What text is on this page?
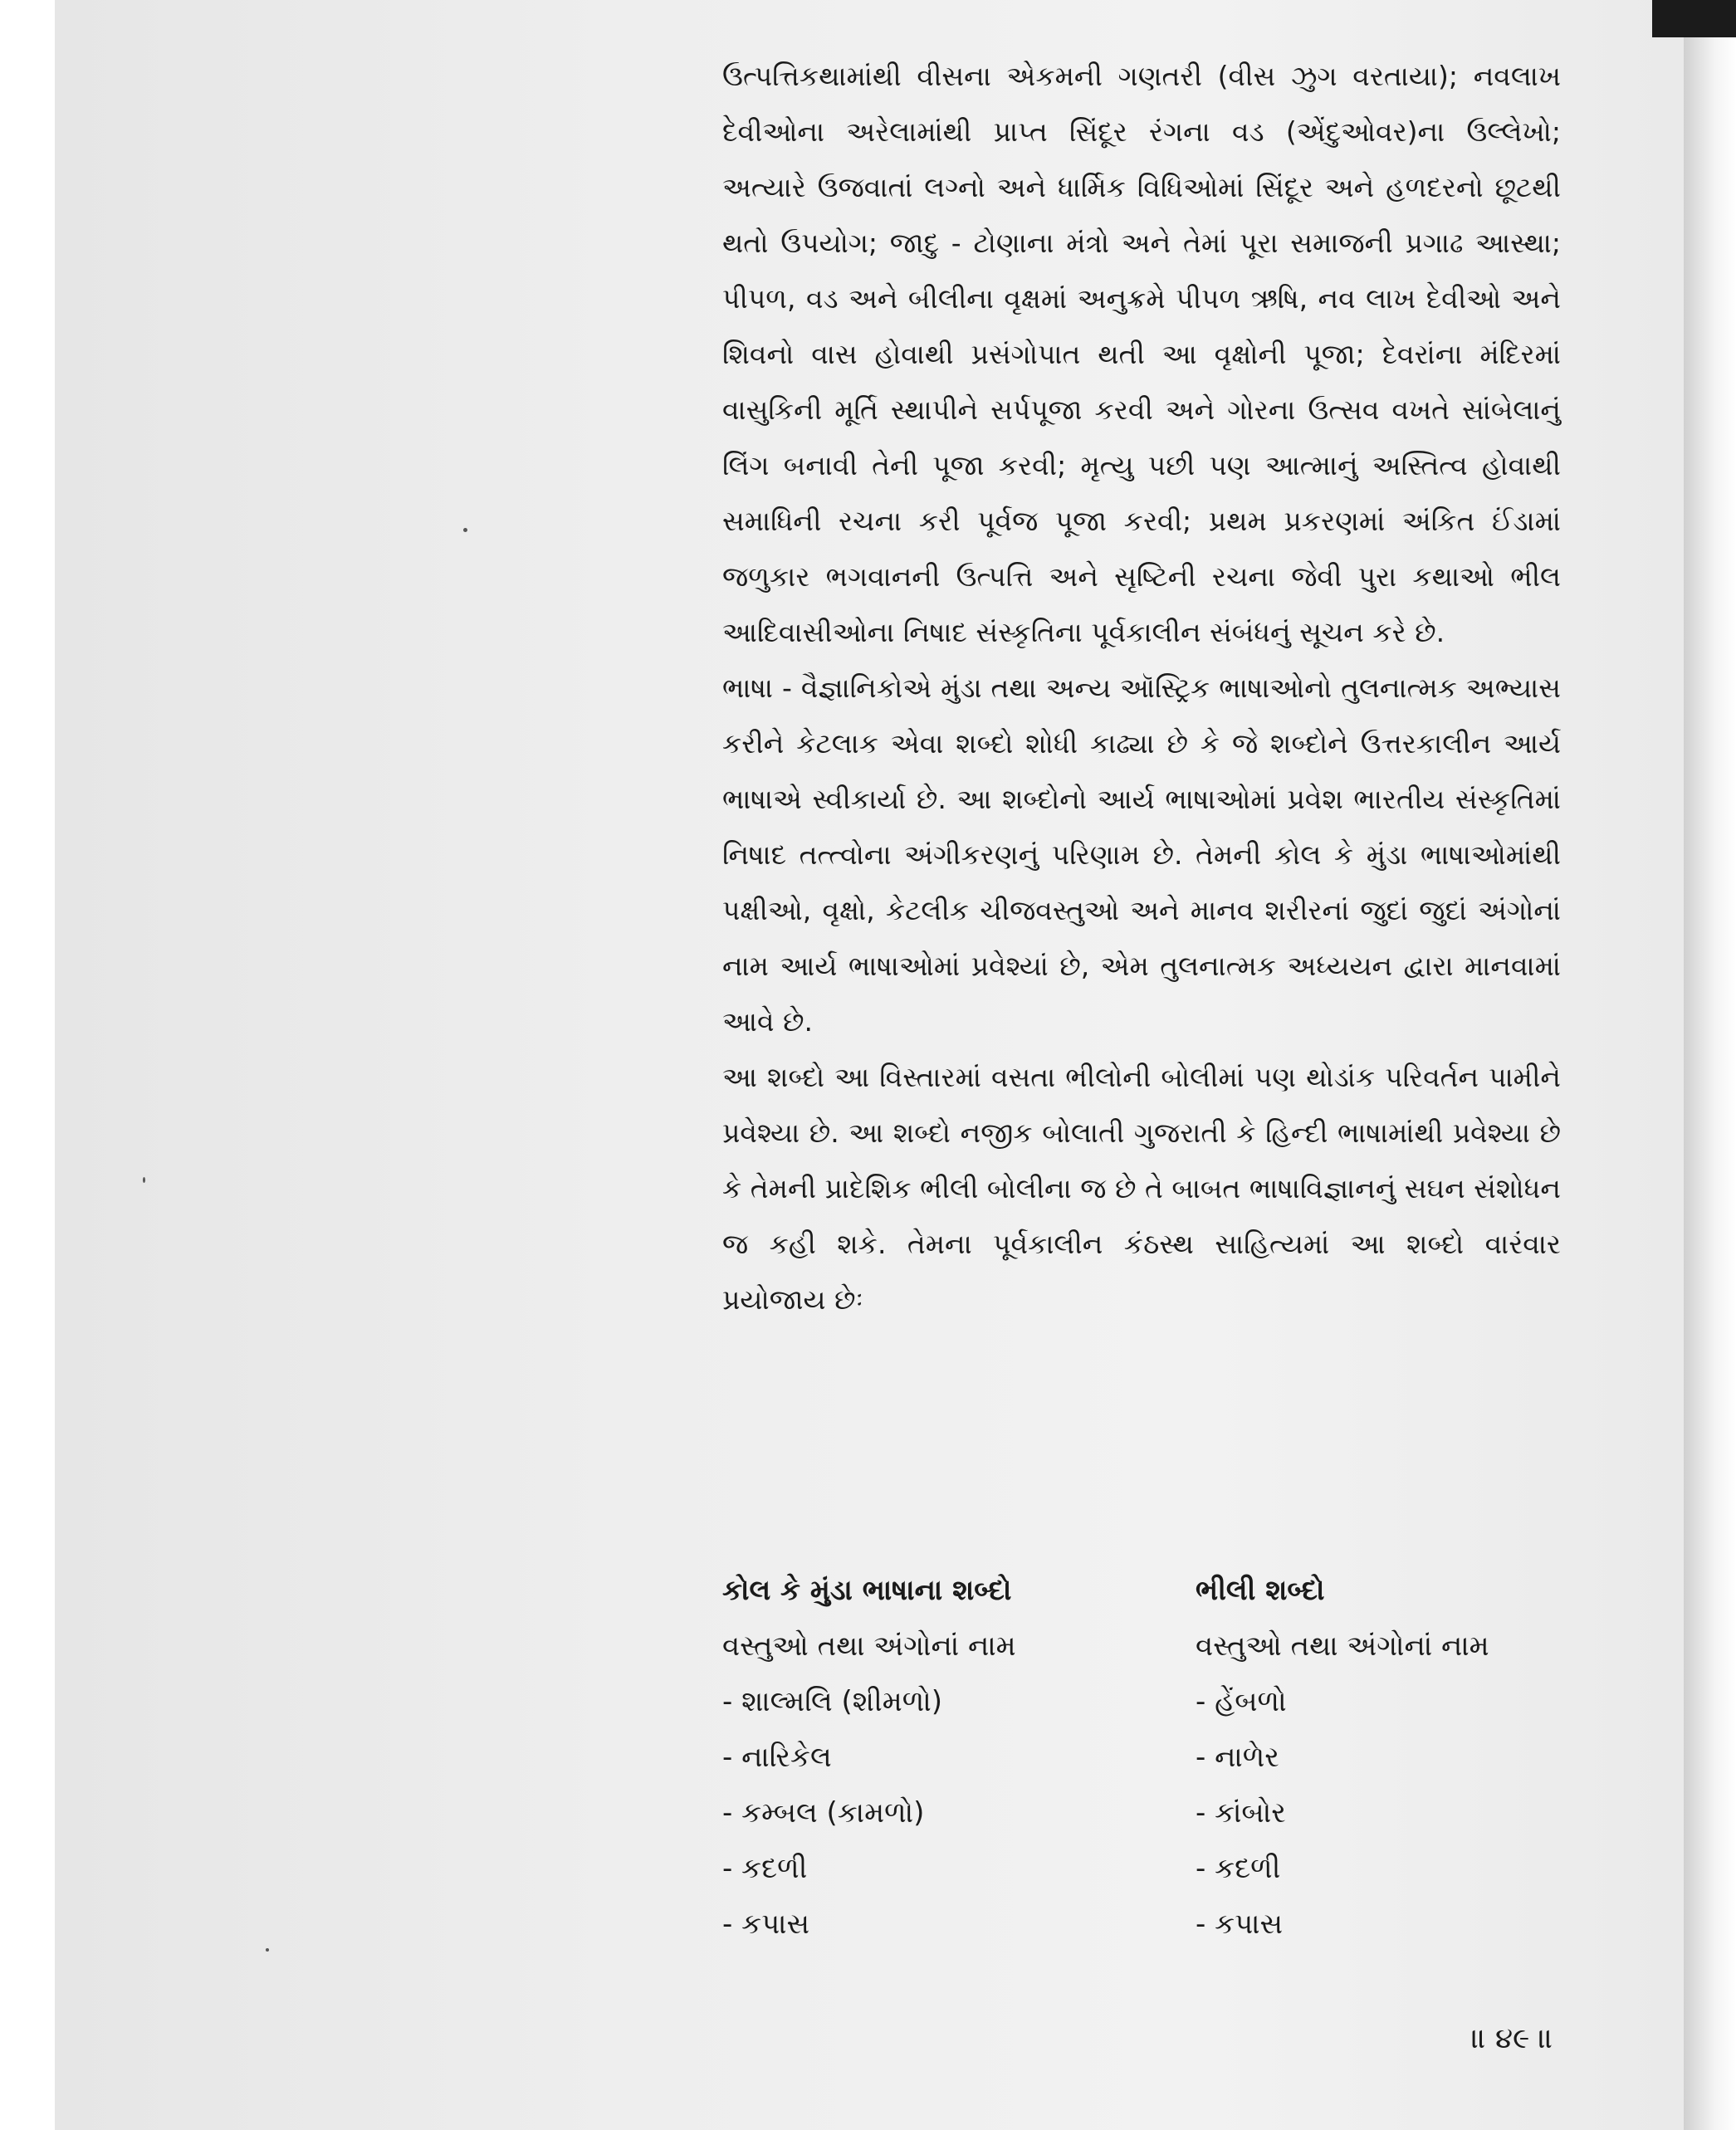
ઉત્પત્તિકથામાંથી વીસના એકમની ગણતરી (વીસ ઝુગ વરતાયા); નવલાખ દેવીઓના અરેલામાંથી પ્રાપ્ત સિંદૂર રંગના વડ (એંદુઓવર)ના ઉલ્લેખો; અત્યારે ઉજવાતાં લગ્નો અને ધાર્મિક વિધિઓમાં સિંદૂર અને હળદરનો છૂટથી થતો ઉપયોગ; જાદુ - ટોણાના મંત્રો અને તેમાં પૂરા સમાજની પ્રગાઢ આસ્થા; પીપળ, વડ અને બીલીના વૃક્ષમાં અનુક્રમે પીપળ ઋષિ, નવ લાખ દેવીઓ અને શિવનો વાસ હોવાથી પ્રસંગોપાત થતી આ વૃક્ષોની પૂજા; દેવરાંના મંદિરમાં વાસુકિની મૂર્તિ સ્થાપીને સર્પપૂજા કરવી અને ગોરના ઉત્સવ વખતે સાંબેલાનું લિંગ બનાવી તેની પૂજા કરવી; મૃત્યુ પછી પણ આત્માનું અસ્તિત્વ હોવાથી સમાધિની રચના કરી પૂર્વજ પૂજા કરવી; પ્રથમ પ્રકરણમાં અંકિત ઈંડામાં જળુકાર ભગવાનની ઉત્પત્તિ અને સૃષ્ટિની રચના જેવી પુરા કથાઓ ભીલ આદિવાસીઓના નિષાદ સંસ્કૃતિના પૂર્વકાલીન સંબંધનું સૂચન કરે છે.

ભાષા - વૈજ્ઞાનિકોએ મુંડા તથા અન્ય ઑસ્ટ્રિક ભાષાઓનો તુલનાત્મક અભ્યાસ કરીને કેટલાક એવા શબ્દો શોધી કાઢ્યા છે કે જે શબ્દોને ઉત્તરકાલીન આર્ય ભાષાએ સ્વીકાર્યા છે. આ શબ્દોનો આર્ય ભાષાઓમાં પ્રવેશ ભારતીય સંસ્કૃતિમાં નિષાદ તત્ત્વોના અંગીકરણનું પરિણામ છે. તેમની કોલ કે મુંડા ભાષાઓમાંથી પક્ષીઓ, વૃક્ષો, કેટલીક ચીજવસ્તુઓ અને માનવ શરીરનાં જુદાં જુદાં અંગોનાં નામ આર્ય ભાષાઓમાં પ્રવેશ્યાં છે, એમ તુલનાત્મક અધ્યયન દ્વારા માનવામાં આવે છે.

આ શબ્દો આ વિસ્તારમાં વસતા ભીલોની બોલીમાં પણ થોડાંક પરિવર્તન પામીને પ્રવેશ્યા છે. આ શબ્દો નજીક બોલાતી ગુજરાતી કે હિન્દી ભાષામાંથી પ્રવેશ્યા છે કે તેમની પ્રાદેશિક ભીલી બોલીના જ છે તે બાબત ભાષાવિજ્ઞાનનું સઘન સંશોધન જ કહી શકે. તેમના પૂર્વકાલીન કંઠસ્થ સાહિત્યમાં આ શબ્દો વારંવાર પ્રયોજાય છેઃ

કોલ કે મુંડા ભાષાના શબ્દો	ભીલી શબ્દો
વસ્તુઓ તથા અંગોનાં નામ	વસ્તુઓ તથા અંગોનાં નામ
- શાલ્મલિ (શીમળો)	- હેંબળો
- નારિકેલ	- નાળેર
- કમ્બલ (કામળો)	- કાંબોર
- કદળી	- કદળી
- કપાસ	- કપાસ
॥ ૪૯ ॥
